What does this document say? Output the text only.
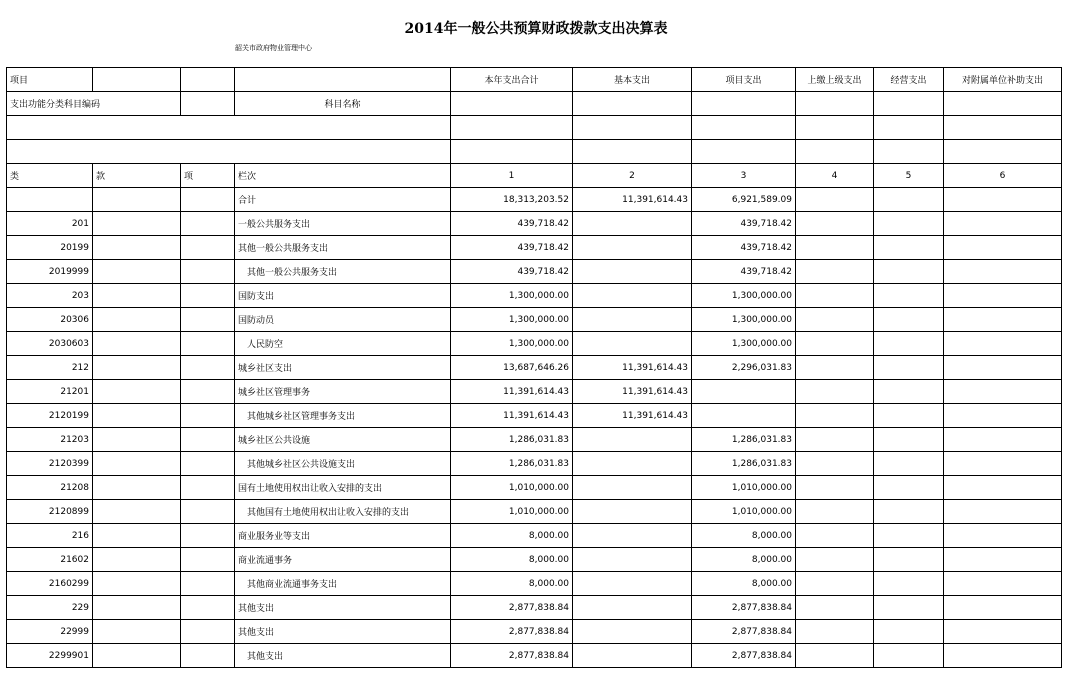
2014年一般公共预算财政拨款支出决算表
韶关市政府物业管理中心
项目				本年支出合计	基本支出	项目支出	上缴上级支出	经营支出	对附属单位补助支出
支出功能分类科目编码			科目名称						

类	款	项	栏次	1	2	3	4	5	6
			合计	18,313,203.52	11,391,614.43	6,921,589.09			
201			一般公共服务支出	439,718.42		439,718.42			
20199			其他一般公共服务支出	439,718.42		439,718.42			
2019999			其他一般公共服务支出	439,718.42		439,718.42			
203			国防支出	1,300,000.00		1,300,000.00			
20306			国防动员	1,300,000.00		1,300,000.00			
2030603			人民防空	1,300,000.00		1,300,000.00			
212			城乡社区支出	13,687,646.26	11,391,614.43	2,296,031.83			
21201			城乡社区管理事务	11,391,614.43	11,391,614.43				
2120199			其他城乡社区管理事务支出	11,391,614.43	11,391,614.43				
21203			城乡社区公共设施	1,286,031.83		1,286,031.83			
2120399			其他城乡社区公共设施支出	1,286,031.83		1,286,031.83			
21208			国有土地使用权出让收入安排的支出	1,010,000.00		1,010,000.00			
2120899			其他国有土地使用权出让收入安排的支出	1,010,000.00		1,010,000.00			
216			商业服务业等支出	8,000.00		8,000.00			
21602			商业流通事务	8,000.00		8,000.00			
2160299			其他商业流通事务支出	8,000.00		8,000.00			
229			其他支出	2,877,838.84		2,877,838.84			
22999			其他支出	2,877,838.84		2,877,838.84			
2299901			其他支出	2,877,838.84		2,877,838.84			
